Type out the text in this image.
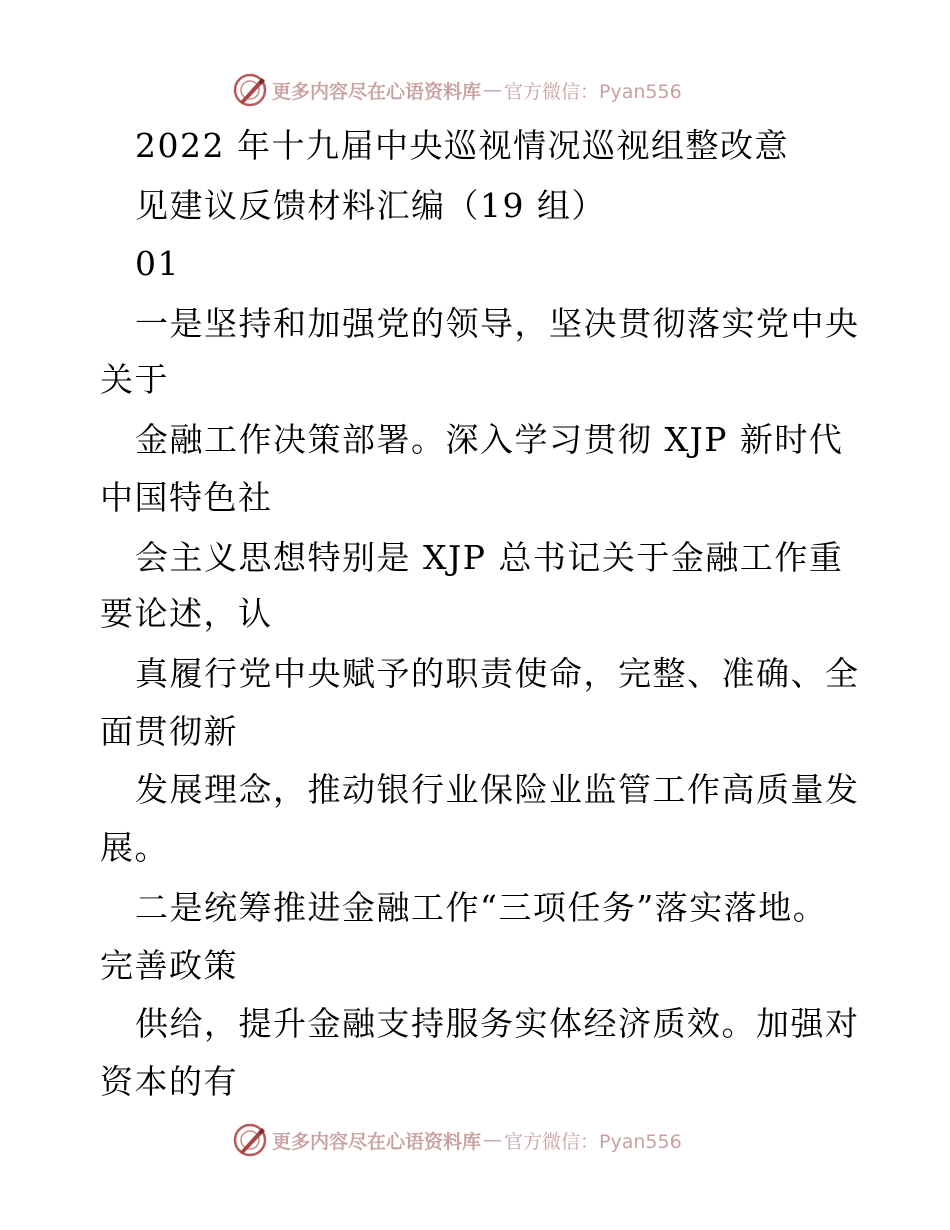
更多内容尽在心语资料库 — 官方微信：Pyan556
2022 年十九届中央巡视情况巡视组整改意
见建议反馈材料汇编（19 组）
01
一是坚持和加强党的领导，坚决贯彻落实党中央
关于
金融工作决策部署。深入学习贯彻 XJP 新时代
中国特色社
会主义思想特别是 XJP 总书记关于金融工作重
要论述，认
真履行党中央赋予的职责使命，完整、准确、全
面贯彻新
发展理念，推动银行业保险业监管工作高质量发
展。
二是统筹推进金融工作“三项任务”落实落地。
完善政策
供给，提升金融支持服务实体经济质效。加强对
资本的有
更多内容尽在心语资料库 — 官方微信：Pyan556
